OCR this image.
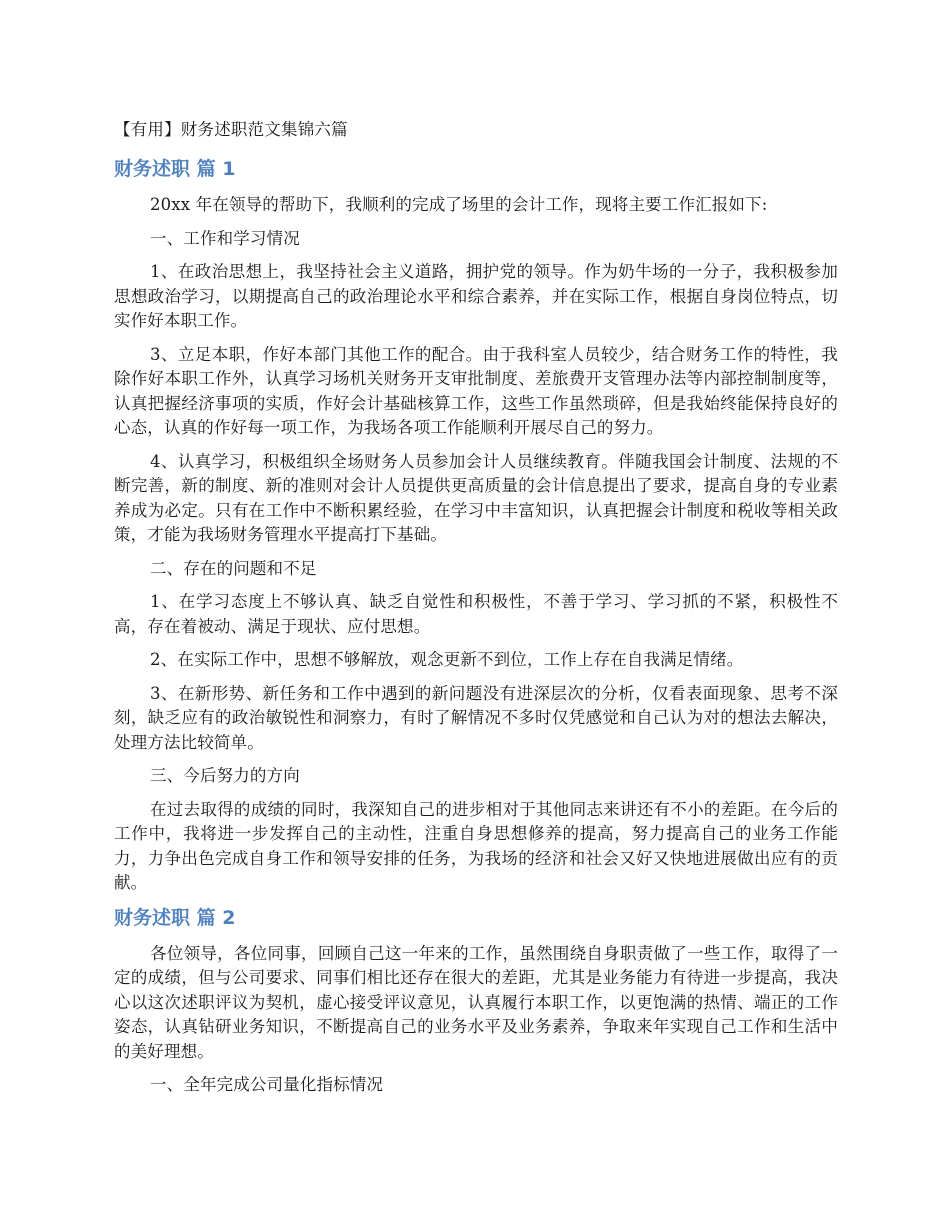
【有用】财务述职范文集锦六篇
财务述职 篇 1

20xx 年在领导的帮助下，我顺利的完成了场里的会计工作，现将主要工作汇报如下:

一、工作和学习情况

1、在政治思想上，我坚持社会主义道路，拥护党的领导。作为奶牛场的一分子，我积极参加思想政治学习，以期提高自己的政治理论水平和综合素养，并在实际工作，根据自身岗位特点，切实作好本职工作。

3、立足本职，作好本部门其他工作的配合。由于我科室人员较少，结合财务工作的特性，我除作好本职工作外，认真学习场机关财务开支审批制度、差旅费开支管理办法等内部控制制度等，认真把握经济事项的实质，作好会计基础核算工作，这些工作虽然琐碎，但是我始终能保持良好的心态，认真的作好每一项工作，为我场各项工作能顺利开展尽自己的努力。

4、认真学习，积极组织全场财务人员参加会计人员继续教育。伴随我国会计制度、法规的不断完善，新的制度、新的准则对会计人员提供更高质量的会计信息提出了要求，提高自身的专业素养成为必定。只有在工作中不断积累经验，在学习中丰富知识，认真把握会计制度和税收等相关政策，才能为我场财务管理水平提高打下基础。

二、存在的问题和不足

1、在学习态度上不够认真、缺乏自觉性和积极性，不善于学习、学习抓的不紧，积极性不高，存在着被动、满足于现状、应付思想。

2、在实际工作中，思想不够解放，观念更新不到位，工作上存在自我满足情绪。

3、在新形势、新任务和工作中遇到的新问题没有进深层次的分析，仅看表面现象、思考不深刻，缺乏应有的政治敏锐性和洞察力，有时了解情况不多时仅凭感觉和自己认为对的想法去解决，处理方法比较简单。

三、今后努力的方向

在过去取得的成绩的同时，我深知自己的进步相对于其他同志来讲还有不小的差距。在今后的工作中，我将进一步发挥自己的主动性，注重自身思想修养的提高，努力提高自己的业务工作能力，力争出色完成自身工作和领导安排的任务，为我场的经济和社会又好又快地进展做出应有的贡献。

财务述职 篇 2

各位领导，各位同事，回顾自己这一年来的工作，虽然围绕自身职责做了一些工作，取得了一定的成绩，但与公司要求、同事们相比还存在很大的差距，尤其是业务能力有待进一步提高，我决心以这次述职评议为契机，虚心接受评议意见，认真履行本职工作，以更饱满的热情、端正的工作姿态，认真钻研业务知识，不断提高自己的业务水平及业务素养，争取来年实现自己工作和生活中的美好理想。

一、全年完成公司量化指标情况
